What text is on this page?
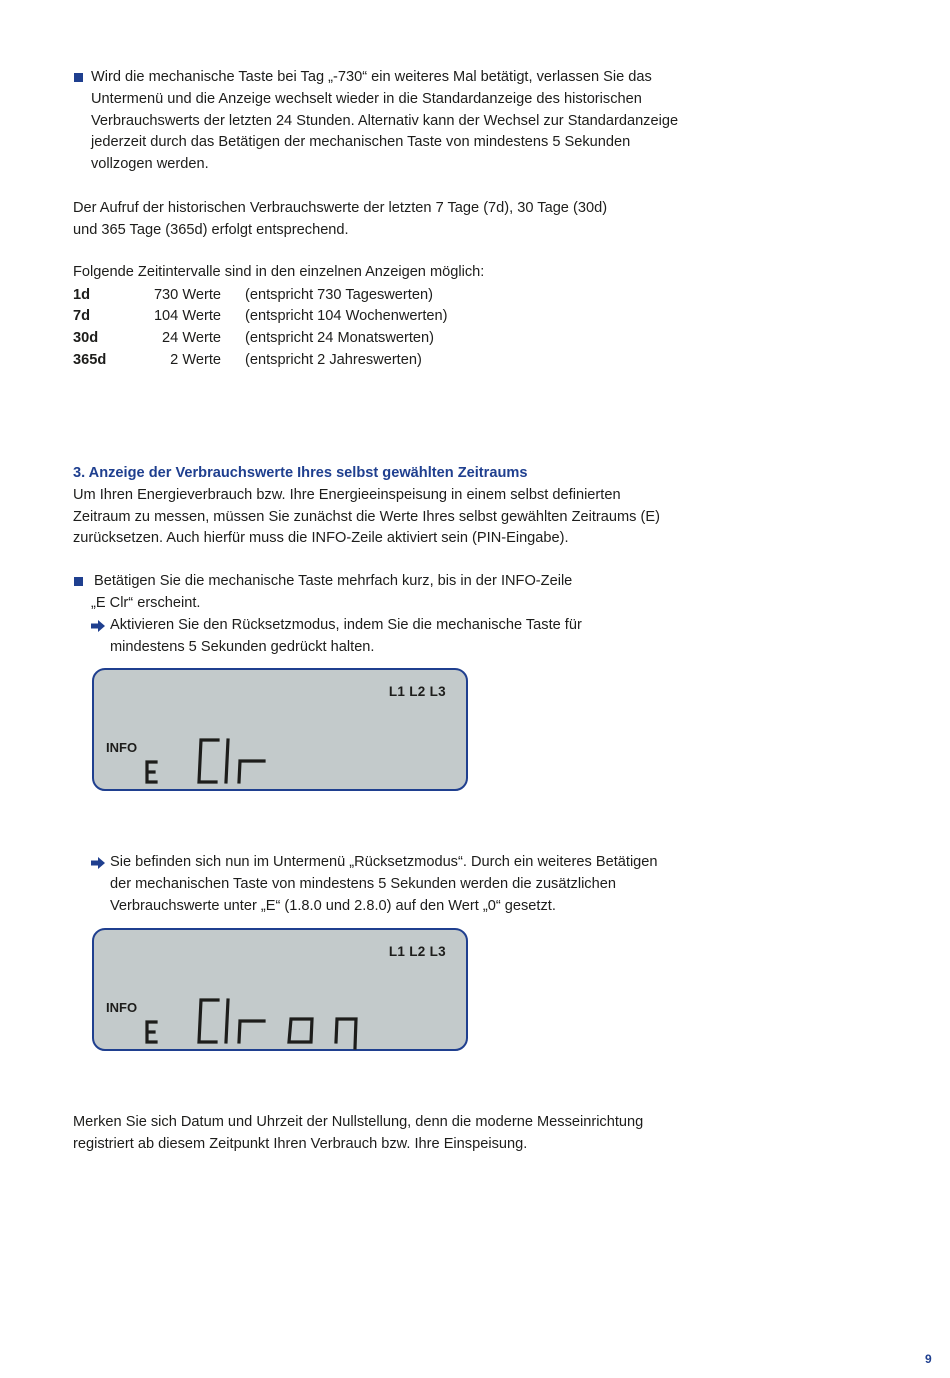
Wird die mechanische Taste bei Tag „-730“ ein weiteres Mal betätigt, verlassen Sie das
Untermenü und die Anzeige wechselt wieder in die Standardanzeige des historischen
Verbrauchswerts der letzten 24 Stunden. Alternativ kann der Wechsel zur Standardanzeige
jederzeit durch das Betätigen der mechanischen Taste von mindestens 5 Sekunden
vollzogen werden.
Der Aufruf der historischen Verbrauchswerte der letzten 7 Tage (7d), 30 Tage (30d)
und 365 Tage (365d) erfolgt entsprechend.
Folgende Zeitintervalle sind in den einzelnen Anzeigen möglich:
1d	730 Werte	(entspricht 730 Tageswerten)
7d	104 Werte	(entspricht 104 Wochenwerten)
30d	24 Werte	(entspricht 24 Monatswerten)
365d	2 Werte	(entspricht 2 Jahreswerten)
3. Anzeige der Verbrauchswerte Ihres selbst gewählten Zeitraums
Um Ihren Energieverbrauch bzw. Ihre Energieeinspeisung in einem selbst definierten
Zeitraum zu messen, müssen Sie zunächst die Werte Ihres selbst gewählten Zeitraums (E)
zurücksetzen. Auch hierfür muss die INFO-Zeile aktiviert sein (PIN-Eingabe).
Betätigen Sie die mechanische Taste mehrfach kurz, bis in der INFO-Zeile
„E Clr“ erscheint.
Aktivieren Sie den Rücksetzmodus, indem Sie die mechanische Taste für
mindestens 5 Sekunden gedrückt halten.
L1 L2 L3
INFO
Sie befinden sich nun im Untermenü „Rücksetzmodus“. Durch ein weiteres Betätigen
der mechanischen Taste von mindestens 5 Sekunden werden die zusätzlichen
Verbrauchswerte unter „E“ (1.8.0 und 2.8.0) auf den Wert „0“ gesetzt.
L1 L2 L3
INFO
Merken Sie sich Datum und Uhrzeit der Nullstellung, denn die moderne Messeinrichtung
registriert ab diesem Zeitpunkt Ihren Verbrauch bzw. Ihre Einspeisung.
9
